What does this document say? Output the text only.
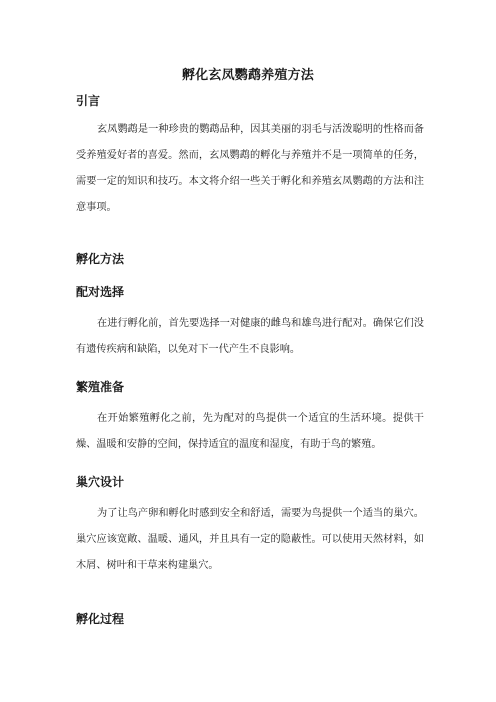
孵化玄凤鹦鹉养殖方法
引言

玄凤鹦鹉是一种珍贵的鹦鹉品种，因其美丽的羽毛与活泼聪明的性格而备受养殖爱好者的喜爱。然而，玄凤鹦鹉的孵化与养殖并不是一项简单的任务，需要一定的知识和技巧。本文将介绍一些关于孵化和养殖玄凤鹦鹉的方法和注意事项。

孵化方法
配对选择

在进行孵化前，首先要选择一对健康的雌鸟和雄鸟进行配对。确保它们没有遗传疾病和缺陷，以免对下一代产生不良影响。

繁殖准备

在开始繁殖孵化之前，先为配对的鸟提供一个适宜的生活环境。提供干燥、温暖和安静的空间，保持适宜的温度和湿度，有助于鸟的繁殖。

巢穴设计

为了让鸟产卵和孵化时感到安全和舒适，需要为鸟提供一个适当的巢穴。巢穴应该宽敞、温暖、通风，并且具有一定的隐蔽性。可以使用天然材料，如木屑、树叶和干草来构建巢穴。

孵化过程
